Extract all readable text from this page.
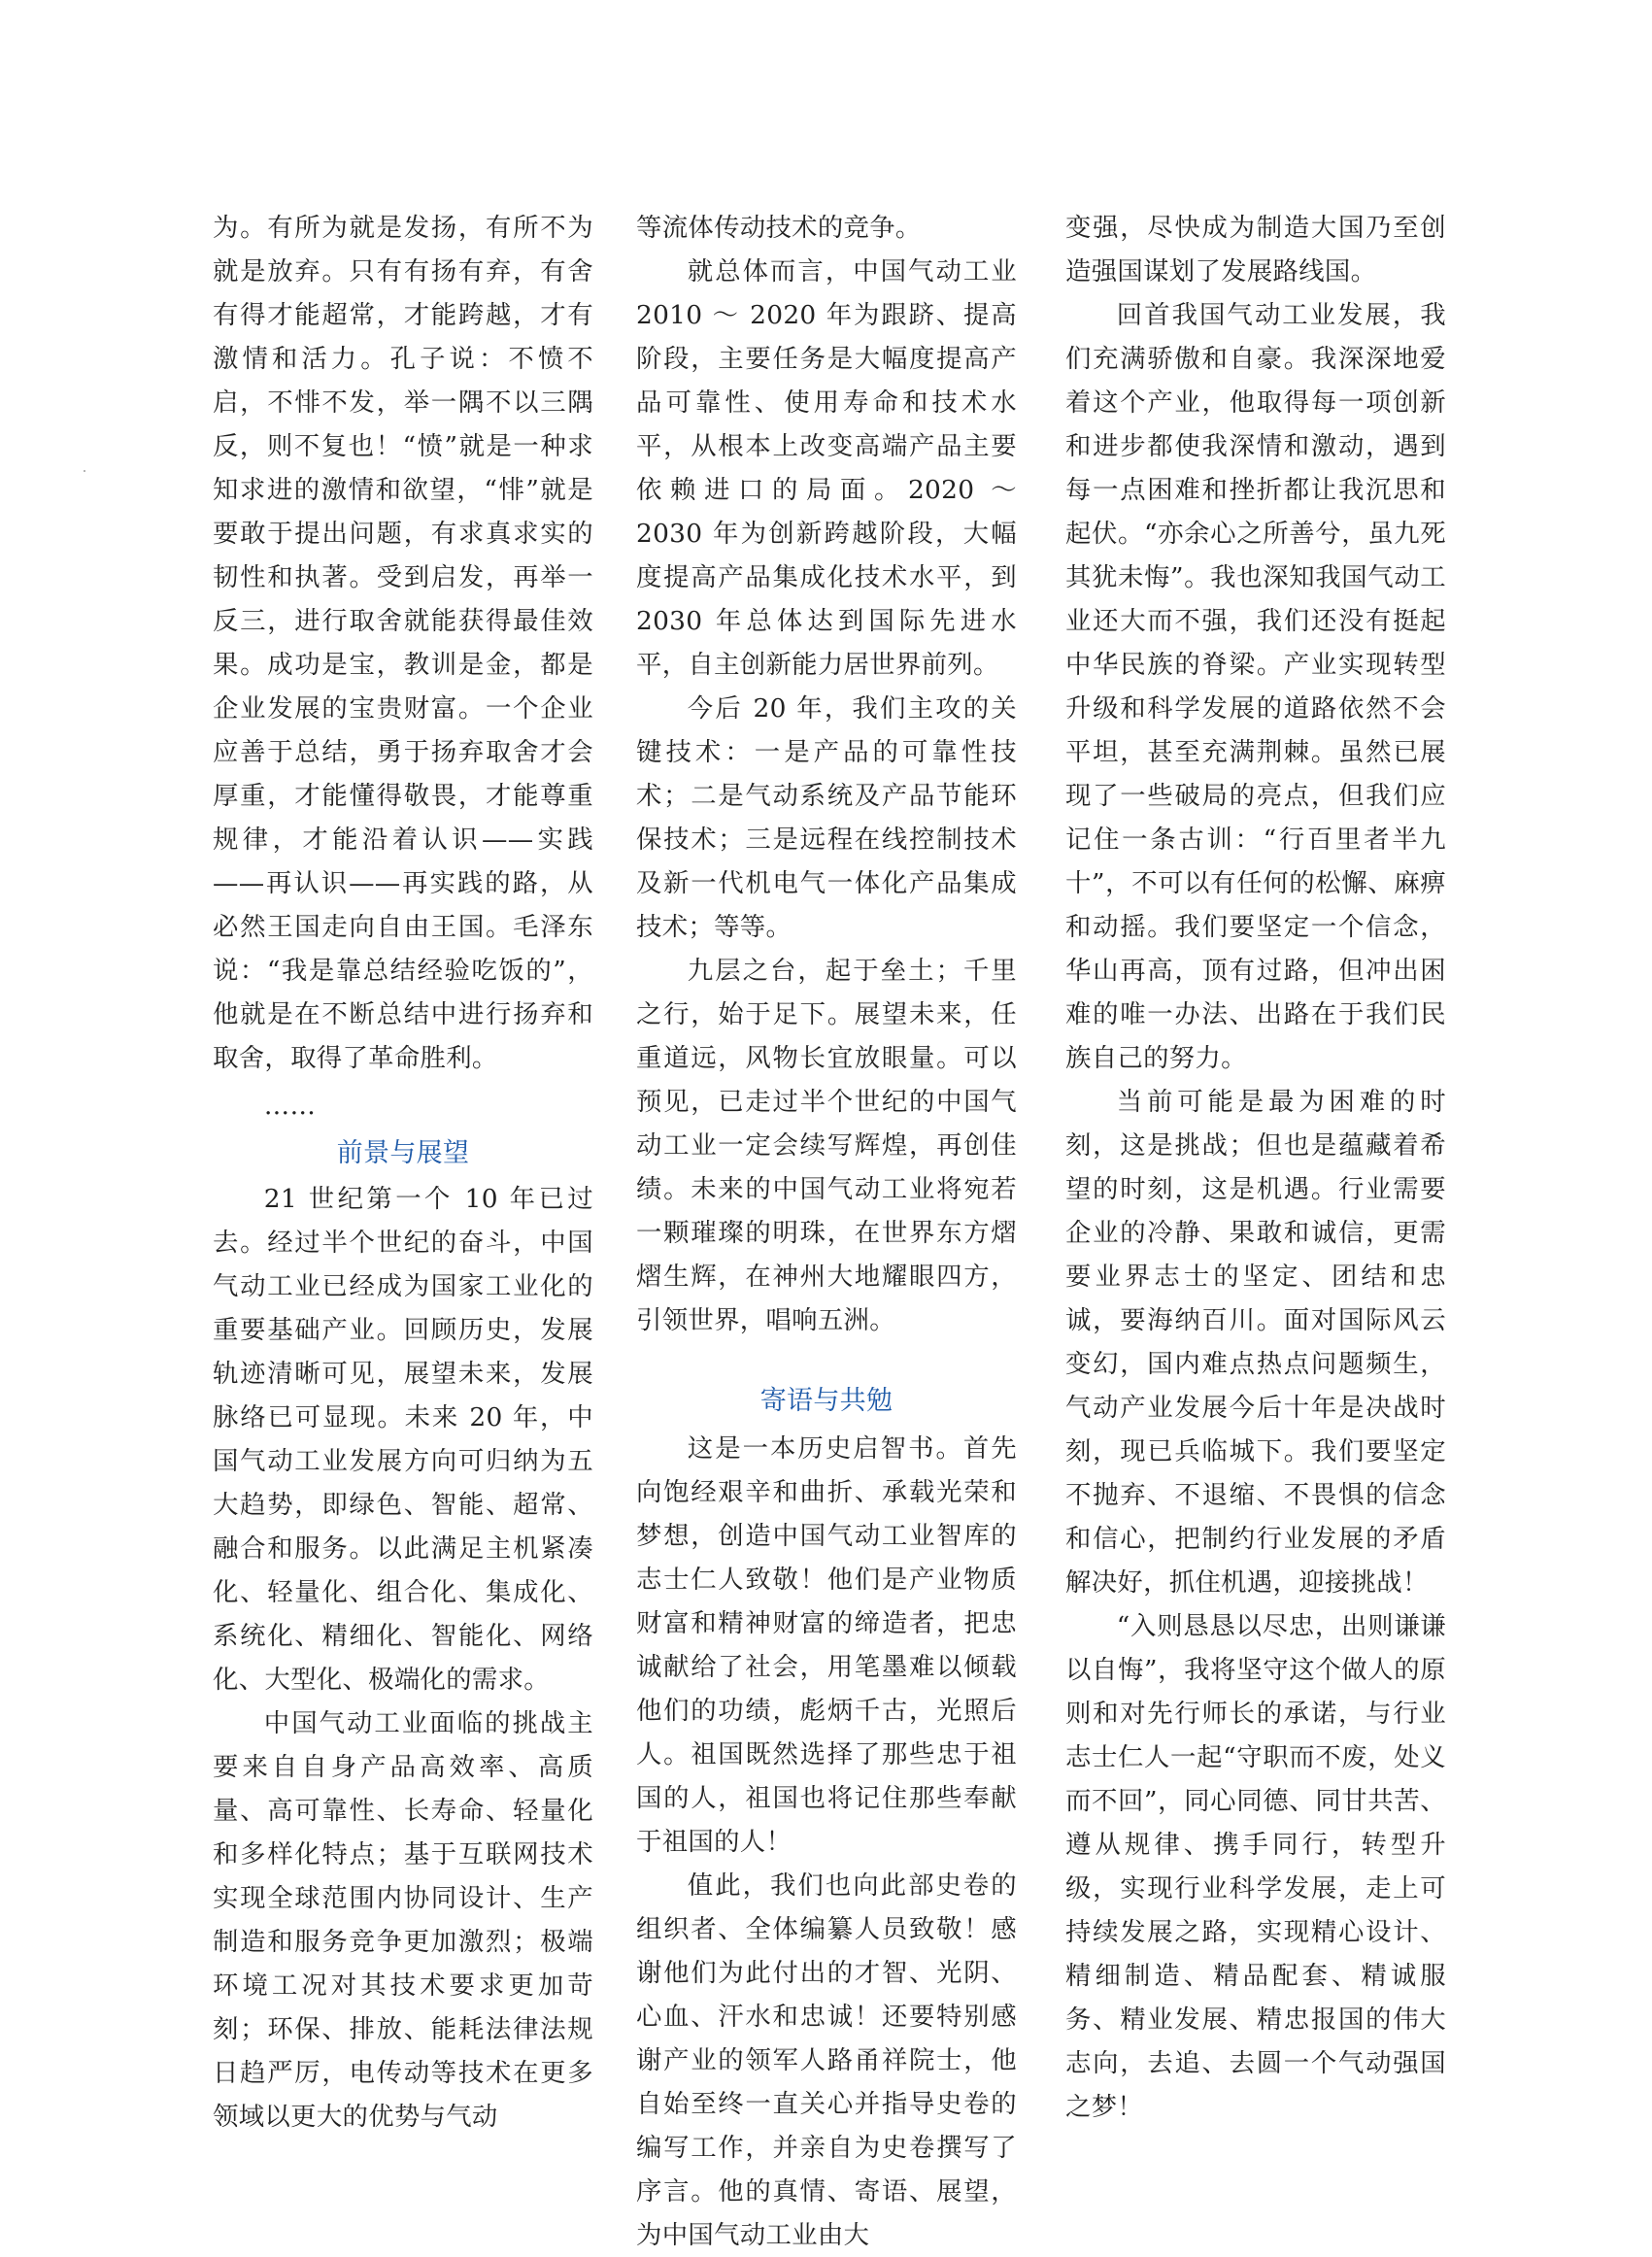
为。有所为就是发扬，有所不为就是放弃。只有有扬有弃，有舍有得才能超常，才能跨越，才有激情和活力。孔子说：不愤不启，不悱不发，举一隅不以三隅反，则不复也！“愤”就是一种求知求进的激情和欲望，“悱”就是要敢于提出问题，有求真求实的韧性和执著。受到启发，再举一反三，进行取舍就能获得最佳效果。成功是宝，教训是金，都是企业发展的宝贵财富。一个企业应善于总结，勇于扬弃取舍才会厚重，才能懂得敬畏，才能尊重规律，才能沿着认识——实践——再认识——再实践的路，从必然王国走向自由王国。毛泽东说：“我是靠总结经验吃饭的”，他就是在不断总结中进行扬弃和取舍，取得了革命胜利。

……

前景与展望

21 世纪第一个 10 年已过去。经过半个世纪的奋斗，中国气动工业已经成为国家工业化的重要基础产业。回顾历史，发展轨迹清晰可见，展望未来，发展脉络已可显现。未来 20 年，中国气动工业发展方向可归纳为五大趋势，即绿色、智能、超常、融合和服务。以此满足主机紧凑化、轻量化、组合化、集成化、系统化、精细化、智能化、网络化、大型化、极端化的需求。

中国气动工业面临的挑战主要来自自身产品高效率、高质量、高可靠性、长寿命、轻量化和多样化特点；基于互联网技术实现全球范围内协同设计、生产制造和服务竞争更加激烈；极端环境工况对其技术要求更加苛刻；环保、排放、能耗法律法规日趋严厉，电传动等技术在更多领域以更大的优势与气动

等流体传动技术的竞争。

就总体而言，中国气动工业 2010 ～ 2020 年为跟跻、提高阶段，主要任务是大幅度提高产品可靠性、使用寿命和技术水平，从根本上改变高端产品主要依赖进口的局面。2020 ～ 2030 年为创新跨越阶段，大幅度提高产品集成化技术水平，到 2030 年总体达到国际先进水平，自主创新能力居世界前列。

今后 20 年，我们主攻的关键技术：一是产品的可靠性技术；二是气动系统及产品节能环保技术；三是远程在线控制技术及新一代机电气一体化产品集成技术；等等。

九层之台，起于垒土；千里之行，始于足下。展望未来，任重道远，风物长宜放眼量。可以预见，已走过半个世纪的中国气动工业一定会续写辉煌，再创佳绩。未来的中国气动工业将宛若一颗璀璨的明珠，在世界东方熠熠生辉，在神州大地耀眼四方，引领世界，唱响五洲。

寄语与共勉

这是一本历史启智书。首先向饱经艰辛和曲折、承载光荣和梦想，创造中国气动工业智库的志士仁人致敬！他们是产业物质财富和精神财富的缔造者，把忠诚献给了社会，用笔墨难以倾载他们的功绩，彪炳千古，光照后人。祖国既然选择了那些忠于祖国的人，祖国也将记住那些奉献于祖国的人！

值此，我们也向此部史卷的组织者、全体编纂人员致敬！感谢他们为此付出的才智、光阴、心血、汗水和忠诚！还要特别感谢产业的领军人路甬祥院士，他自始至终一直关心并指导史卷的编写工作，并亲自为史卷撰写了序言。他的真情、寄语、展望，为中国气动工业由大

变强，尽快成为制造大国乃至创造强国谋划了发展路线国。

回首我国气动工业发展，我们充满骄傲和自豪。我深深地爱着这个产业，他取得每一项创新和进步都使我深情和激动，遇到每一点困难和挫折都让我沉思和起伏。“亦余心之所善兮，虽九死其犹未悔”。我也深知我国气动工业还大而不强，我们还没有挺起中华民族的脊梁。产业实现转型升级和科学发展的道路依然不会平坦，甚至充满荆棘。虽然已展现了一些破局的亮点，但我们应记住一条古训：“行百里者半九十”，不可以有任何的松懈、麻痹和动摇。我们要坚定一个信念，华山再高，顶有过路，但冲出困难的唯一办法、出路在于我们民族自己的努力。

当前可能是最为困难的时刻，这是挑战；但也是蕴藏着希望的时刻，这是机遇。行业需要企业的冷静、果敢和诚信，更需要业界志士的坚定、团结和忠诚，要海纳百川。面对国际风云变幻，国内难点热点问题频生，气动产业发展今后十年是决战时刻，现已兵临城下。我们要坚定不抛弃、不退缩、不畏惧的信念和信心，把制约行业发展的矛盾解决好，抓住机遇，迎接挑战！

“入则恳恳以尽忠，出则谦谦以自悔”，我将坚守这个做人的原则和对先行师长的承诺，与行业志士仁人一起“守职而不废，处义而不回”，同心同德、同甘共苦、遵从规律、携手同行，转型升级，实现行业科学发展，走上可持续发展之路，实现精心设计、精细制造、精品配套、精诚服务、精业发展、精忠报国的伟大志向，去追、去圆一个气动强国之梦！
